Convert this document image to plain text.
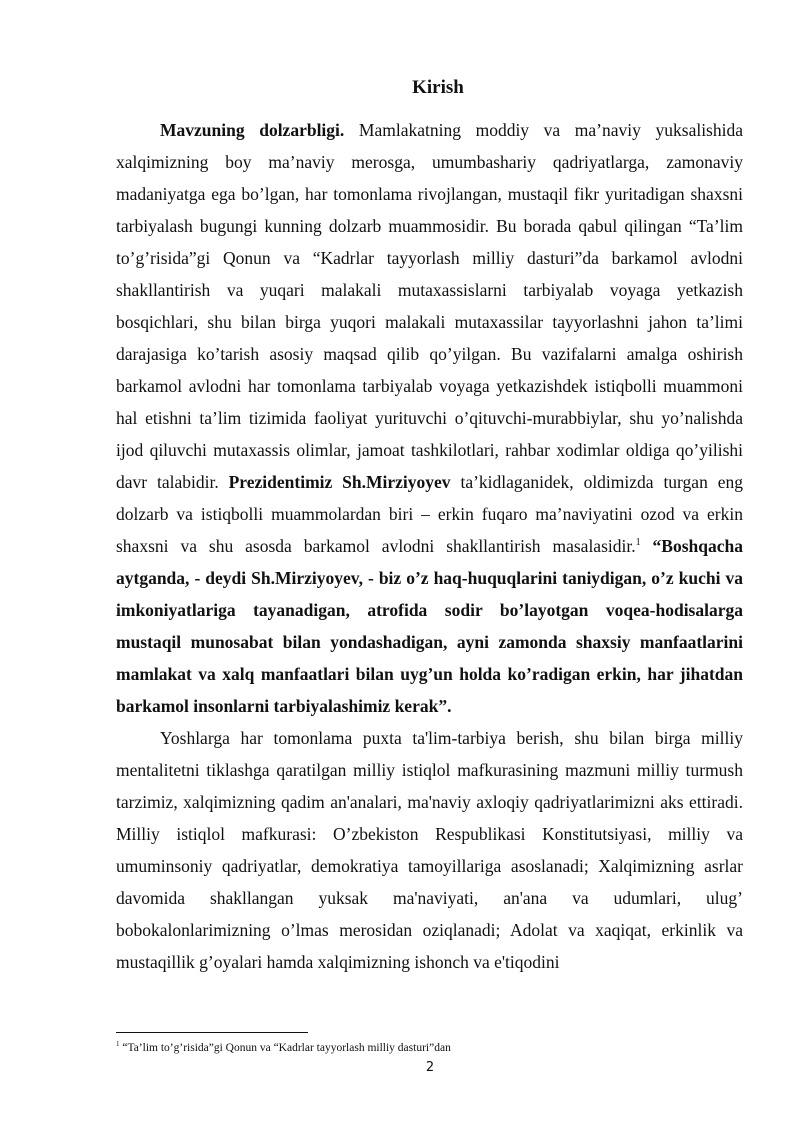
Kirish

Mavzuning dolzarbligi. Mamlakatning moddiy va ma’naviy yuksalishida xalqimizning boy ma’naviy merosga, umumbashariy qadriyatlarga, zamonaviy madaniyatga ega bo’lgan, har tomonlama rivojlangan, mustaqil fikr yuritadigan shaxsni tarbiyalash bugungi kunning dolzarb muammosidir. Bu borada qabul qilingan “Ta’lim to’g’risida”gi Qonun va “Kadrlar tayyorlash milliy dasturi”da barkamol avlodni shakllantirish va yuqari malakali mutaxassislarni tarbiyalab voyaga yetkazish bosqichlari, shu bilan birga yuqori malakali mutaxassilar tayyorlashni jahon ta’limi darajasiga ko’tarish asosiy maqsad qilib qo’yilgan. Bu vazifalarni amalga oshirish barkamol avlodni har tomonlama tarbiyalab voyaga yetkazishdek istiqbolli muammoni hal etishni ta’lim tizimida faoliyat yurituvchi o’qituvchi-murabbiylar, shu yo’nalishda ijod qiluvchi mutaxassis olimlar, jamoat tashkilotlari, rahbar xodimlar oldiga qo’yilishi davr talabidir. Prezidentimiz Sh.Mirziyoyev ta’kidlaganidek, oldimizda turgan eng dolzarb va istiqbolli muammolardan biri – erkin fuqaro ma’naviyatini ozod va erkin shaxsni va shu asosda barkamol avlodni shakllantirish masalasidir.$^1$ “Boshqacha aytganda, - deydi Sh.Mirziyoyev, - biz o’z haq-huquqlarini taniydigan, o’z kuchi va imkoniyatlariga tayanadigan, atrofida sodir bo’layotgan voqea-hodisalarga mustaqil munosabat bilan yondashadigan, ayni zamonda shaxsiy manfaatlarini mamlakat va xalq manfaatlari bilan uyg’un holda ko’radigan erkin, har jihatdan barkamol insonlarni tarbiyalashimiz kerak”.

Yoshlarga har tomonlama puxta ta'lim-tarbiya berish, shu bilan birga milliy mentalitetni tiklashga qaratilgan milliy istiqlol mafkurasining mazmuni milliy turmush tarzimiz, xalqimizning qadim an'analari, ma'naviy axloqiy qadriyatlarimizni aks ettiradi. Milliy istiqlol mafkurasi: O’zbekiston Respublikasi Konstitutsiyasi, milliy va umuminsoniy qadriyatlar, demokratiya tamoyillariga asoslanadi; Xalqimizning asrlar davomida shakllangan yuksak ma'naviyati, an'ana va udumlari, ulug’ bobokalonlarimizning o’lmas merosidan oziqlanadi; Adolat va xaqiqat, erkinlik va mustaqillik g’oyalari hamda xalqimizning ishonch va e'tiqodini

$^1$ “Ta’lim to’g’risida”gi Qonun va “Kadrlar tayyorlash milliy dasturi”dan
2
